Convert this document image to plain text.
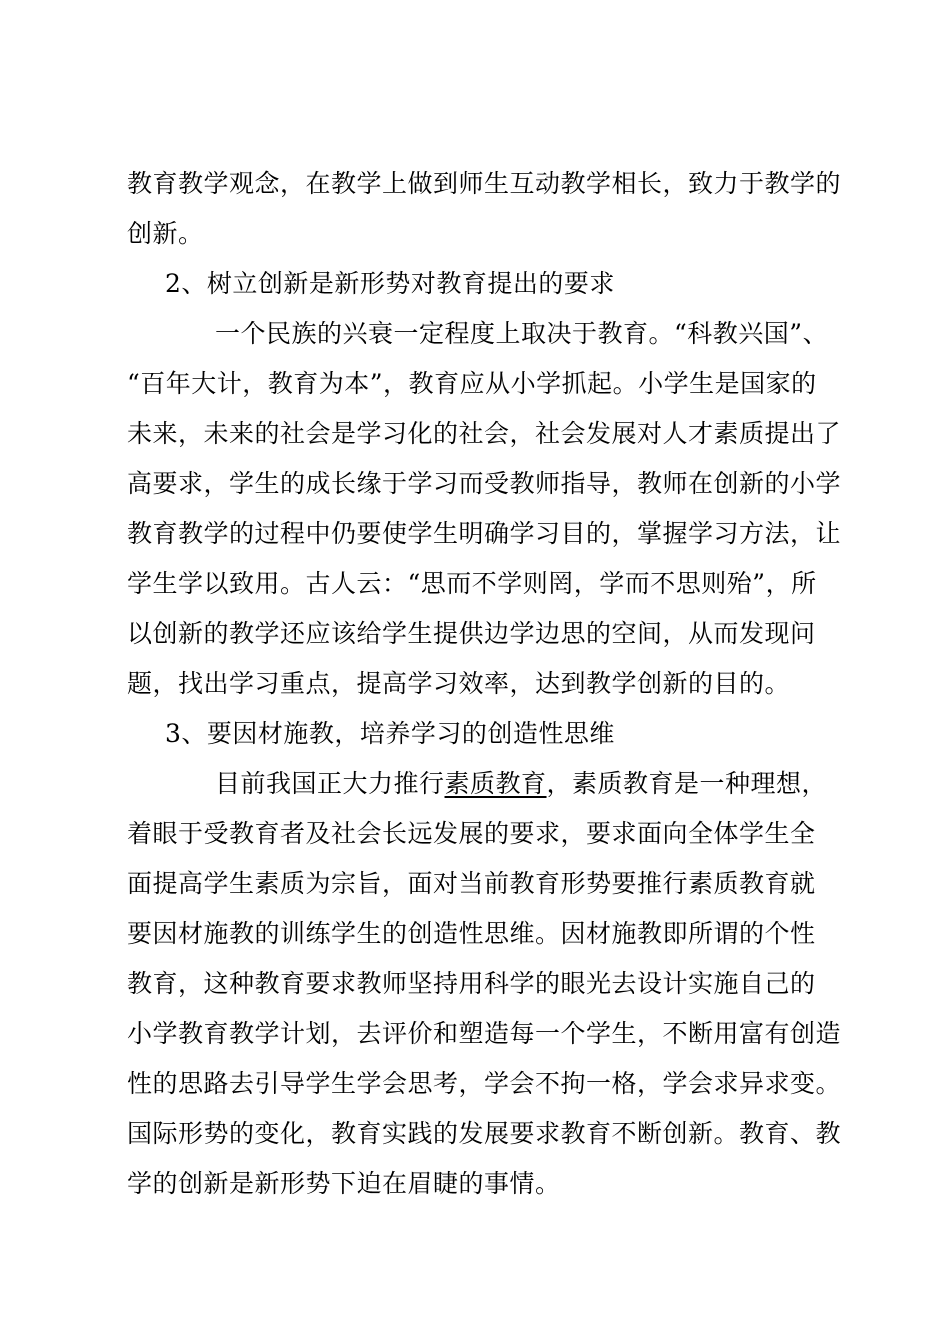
教育教学观念，在教学上做到师生互动教学相长，致力于教学的
创新。
2、树立创新是新形势对教育提出的要求
一个民族的兴衰一定程度上取决于教育。“科教兴国”、
“百年大计，教育为本”，教育应从小学抓起。小学生是国家的
未来，未来的社会是学习化的社会，社会发展对人才素质提出了
高要求，学生的成长缘于学习而受教师指导，教师在创新的小学
教育教学的过程中仍要使学生明确学习目的，掌握学习方法，让
学生学以致用。古人云：“思而不学则罔，学而不思则殆”，所
以创新的教学还应该给学生提供边学边思的空间，从而发现问
题，找出学习重点，提高学习效率，达到教学创新的目的。
3、要因材施教，培养学习的创造性思维
目前我国正大力推行素质教育，素质教育是一种理想，
着眼于受教育者及社会长远发展的要求，要求面向全体学生全
面提高学生素质为宗旨，面对当前教育形势要推行素质教育就
要因材施教的训练学生的创造性思维。因材施教即所谓的个性
教育，这种教育要求教师坚持用科学的眼光去设计实施自己的
小学教育教学计划，去评价和塑造每一个学生，不断用富有创造
性的思路去引导学生学会思考，学会不拘一格，学会求异求变。
国际形势的变化，教育实践的发展要求教育不断创新。教育、教
学的创新是新形势下迫在眉睫的事情。
